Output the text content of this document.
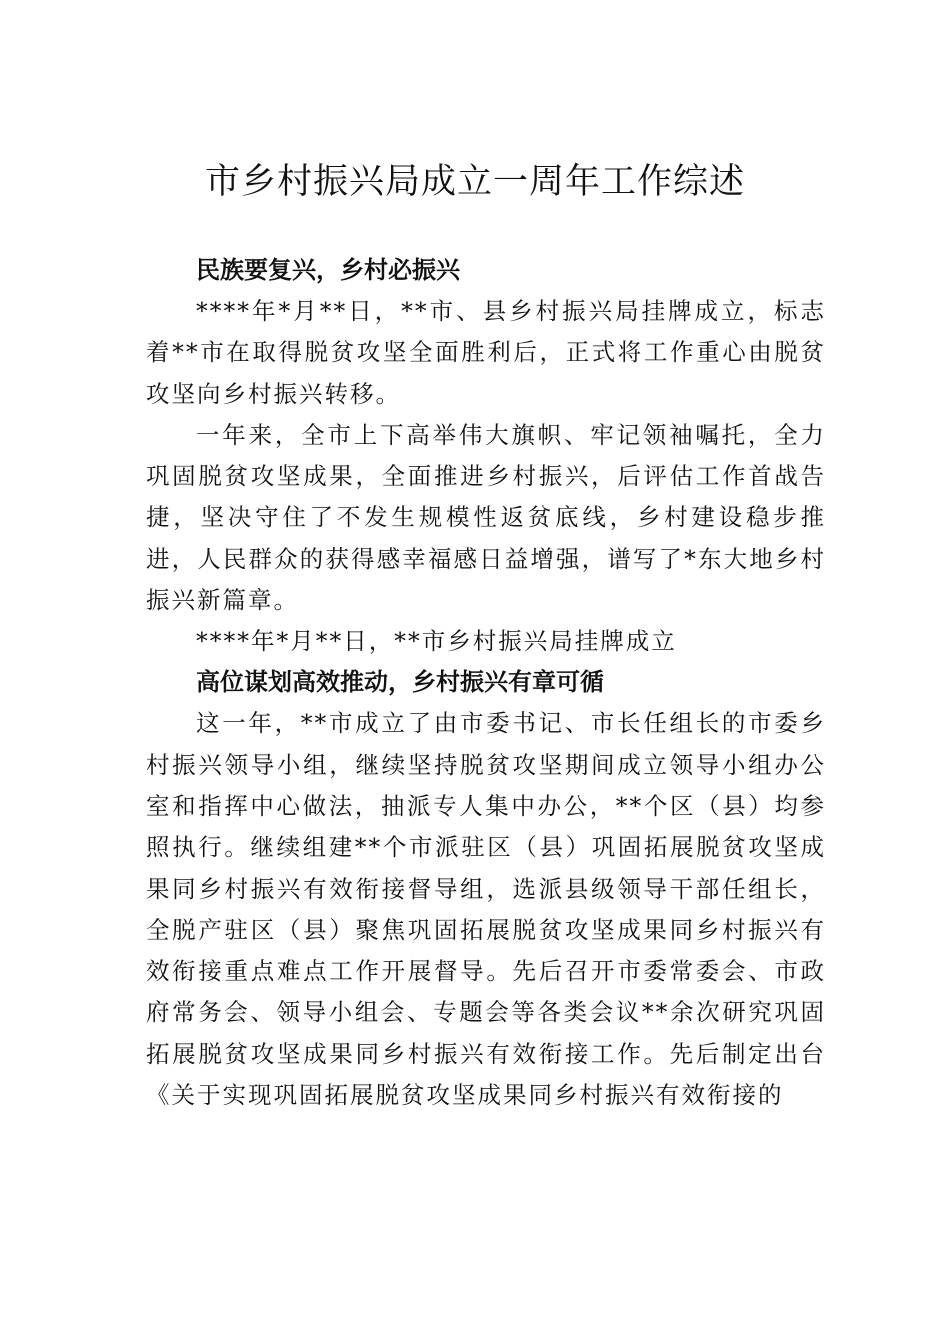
市乡村振兴局成立一周年工作综述

民族要复兴，乡村必振兴

****年*月**日，**市、县乡村振兴局挂牌成立，标志着**市在取得脱贫攻坚全面胜利后，正式将工作重心由脱贫攻坚向乡村振兴转移。

一年来，全市上下高举伟大旗帜、牢记领袖嘱托，全力巩固脱贫攻坚成果，全面推进乡村振兴，后评估工作首战告捷，坚决守住了不发生规模性返贫底线，乡村建设稳步推进，人民群众的获得感幸福感日益增强，谱写了*东大地乡村振兴新篇章。

****年*月**日，**市乡村振兴局挂牌成立

高位谋划高效推动，乡村振兴有章可循

这一年，**市成立了由市委书记、市长任组长的市委乡村振兴领导小组，继续坚持脱贫攻坚期间成立领导小组办公室和指挥中心做法，抽派专人集中办公，**个区（县）均参照执行。继续组建**个市派驻区（县）巩固拓展脱贫攻坚成果同乡村振兴有效衔接督导组，选派县级领导干部任组长， 全脱产驻区（县）聚焦巩固拓展脱贫攻坚成果同乡村振兴有效衔接重点难点工作开展督导。先后召开市委常委会、市政府常务会、领导小组会、专题会等各类会议**余次研究巩固拓展脱贫攻坚成果同乡村振兴有效衔接工作。先后制定出台《关于实现巩固拓展脱贫攻坚成果同乡村振兴有效衔接的
